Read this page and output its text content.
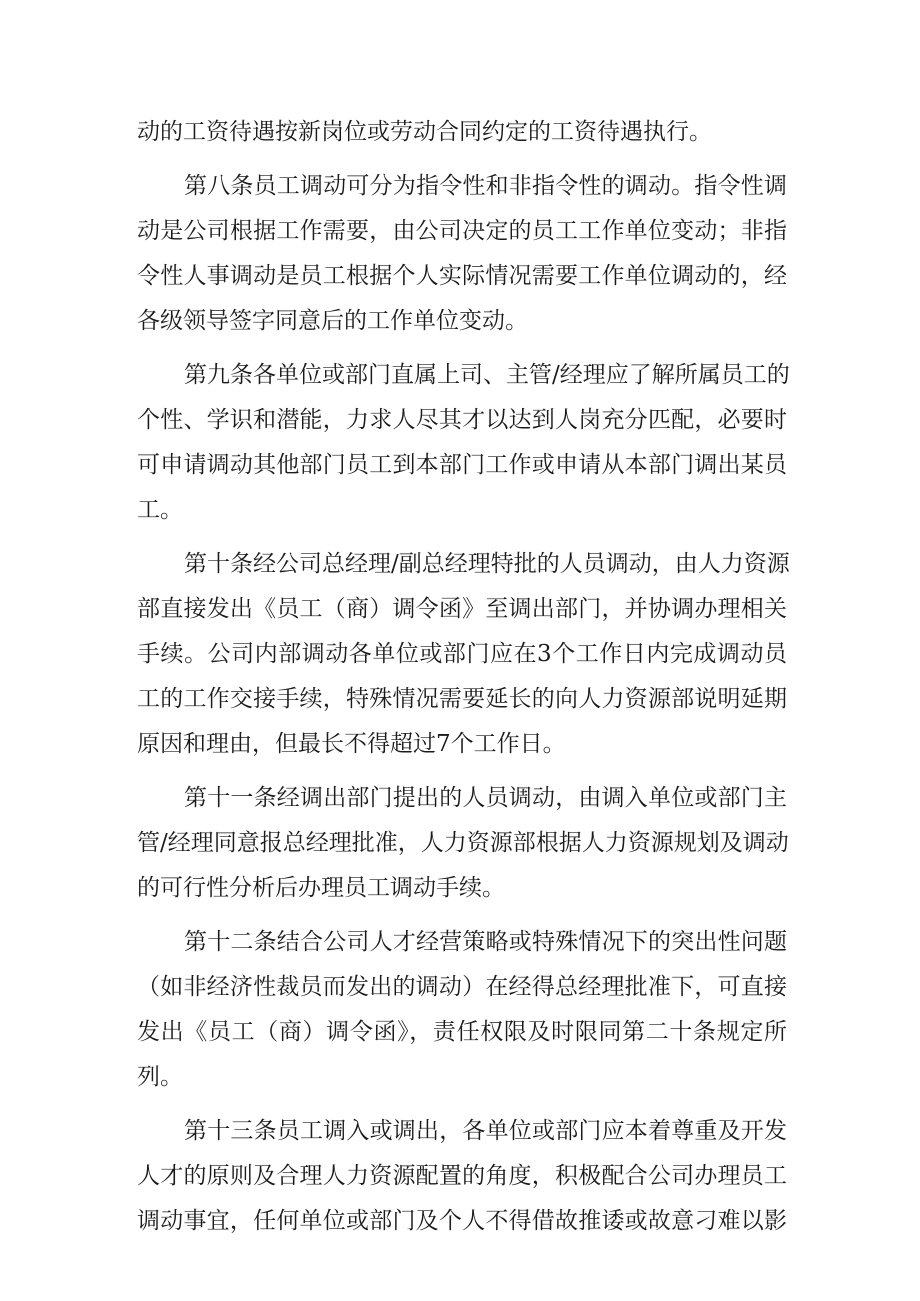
动的工资待遇按新岗位或劳动合同约定的工资待遇执行。
第八条员工调动可分为指令性和非指令性的调动。指令性调
动是公司根据工作需要，由公司决定的员工工作单位变动；非指
令性人事调动是员工根据个人实际情况需要工作单位调动的，经
各级领导签字同意后的工作单位变动。
第九条各单位或部门直属上司、主管/经理应了解所属员工的
个性、学识和潜能，力求人尽其才以达到人岗充分匹配，必要时
可申请调动其他部门员工到本部门工作或申请从本部门调出某员
工。
第十条经公司总经理/副总经理特批的人员调动，由人力资源
部直接发出《员工（商）调令函》至调出部门，并协调办理相关
手续。公司内部调动各单位或部门应在3个工作日内完成调动员
工的工作交接手续，特殊情况需要延长的向人力资源部说明延期
原因和理由，但最长不得超过7个工作日。
第十一条经调出部门提出的人员调动，由调入单位或部门主
管/经理同意报总经理批准，人力资源部根据人力资源规划及调动
的可行性分析后办理员工调动手续。
第十二条结合公司人才经营策略或特殊情况下的突出性问题
（如非经济性裁员而发出的调动）在经得总经理批准下，可直接
发出《员工（商）调令函》，责任权限及时限同第二十条规定所
列。
第十三条员工调入或调出，各单位或部门应本着尊重及开发
人才的原则及合理人力资源配置的角度，积极配合公司办理员工
调动事宜，任何单位或部门及个人不得借故推诿或故意刁难以影
